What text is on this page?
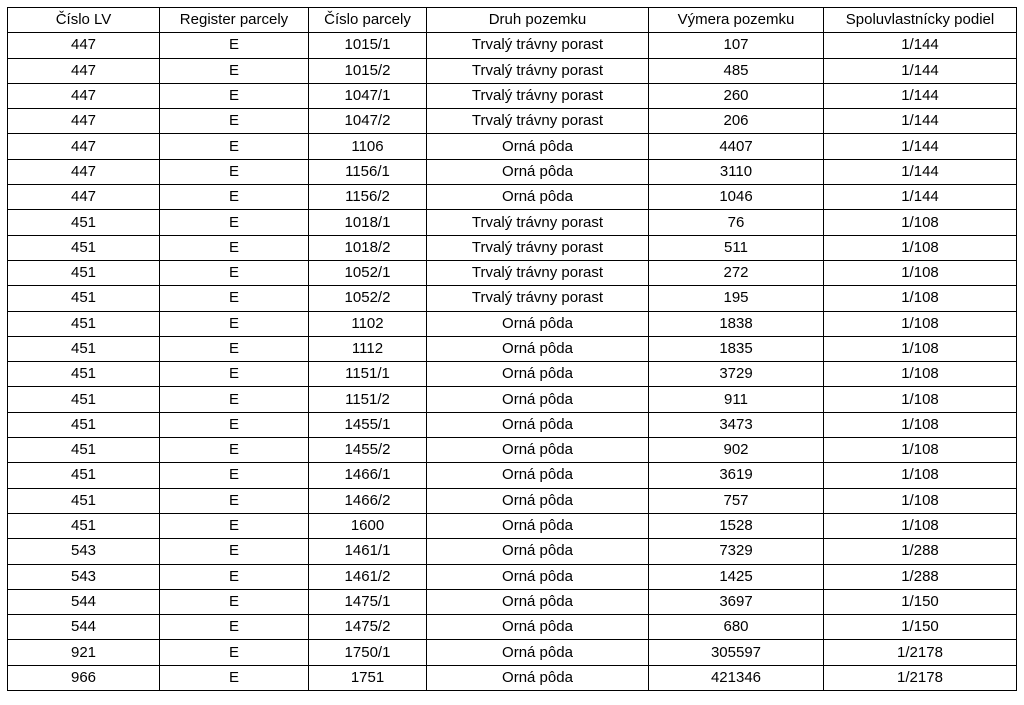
Číslo LV	Register parcely	Číslo parcely	Druh pozemku	Výmera pozemku	Spoluvlastnícky podiel
447	E	1015/1	Trvalý trávny porast	107	1/144
447	E	1015/2	Trvalý trávny porast	485	1/144
447	E	1047/1	Trvalý trávny porast	260	1/144
447	E	1047/2	Trvalý trávny porast	206	1/144
447	E	1106	Orná pôda	4407	1/144
447	E	1156/1	Orná pôda	3110	1/144
447	E	1156/2	Orná pôda	1046	1/144
451	E	1018/1	Trvalý trávny porast	76	1/108
451	E	1018/2	Trvalý trávny porast	511	1/108
451	E	1052/1	Trvalý trávny porast	272	1/108
451	E	1052/2	Trvalý trávny porast	195	1/108
451	E	1102	Orná pôda	1838	1/108
451	E	1112	Orná pôda	1835	1/108
451	E	1151/1	Orná pôda	3729	1/108
451	E	1151/2	Orná pôda	911	1/108
451	E	1455/1	Orná pôda	3473	1/108
451	E	1455/2	Orná pôda	902	1/108
451	E	1466/1	Orná pôda	3619	1/108
451	E	1466/2	Orná pôda	757	1/108
451	E	1600	Orná pôda	1528	1/108
543	E	1461/1	Orná pôda	7329	1/288
543	E	1461/2	Orná pôda	1425	1/288
544	E	1475/1	Orná pôda	3697	1/150
544	E	1475/2	Orná pôda	680	1/150
921	E	1750/1	Orná pôda	305597	1/2178
966	E	1751	Orná pôda	421346	1/2178
